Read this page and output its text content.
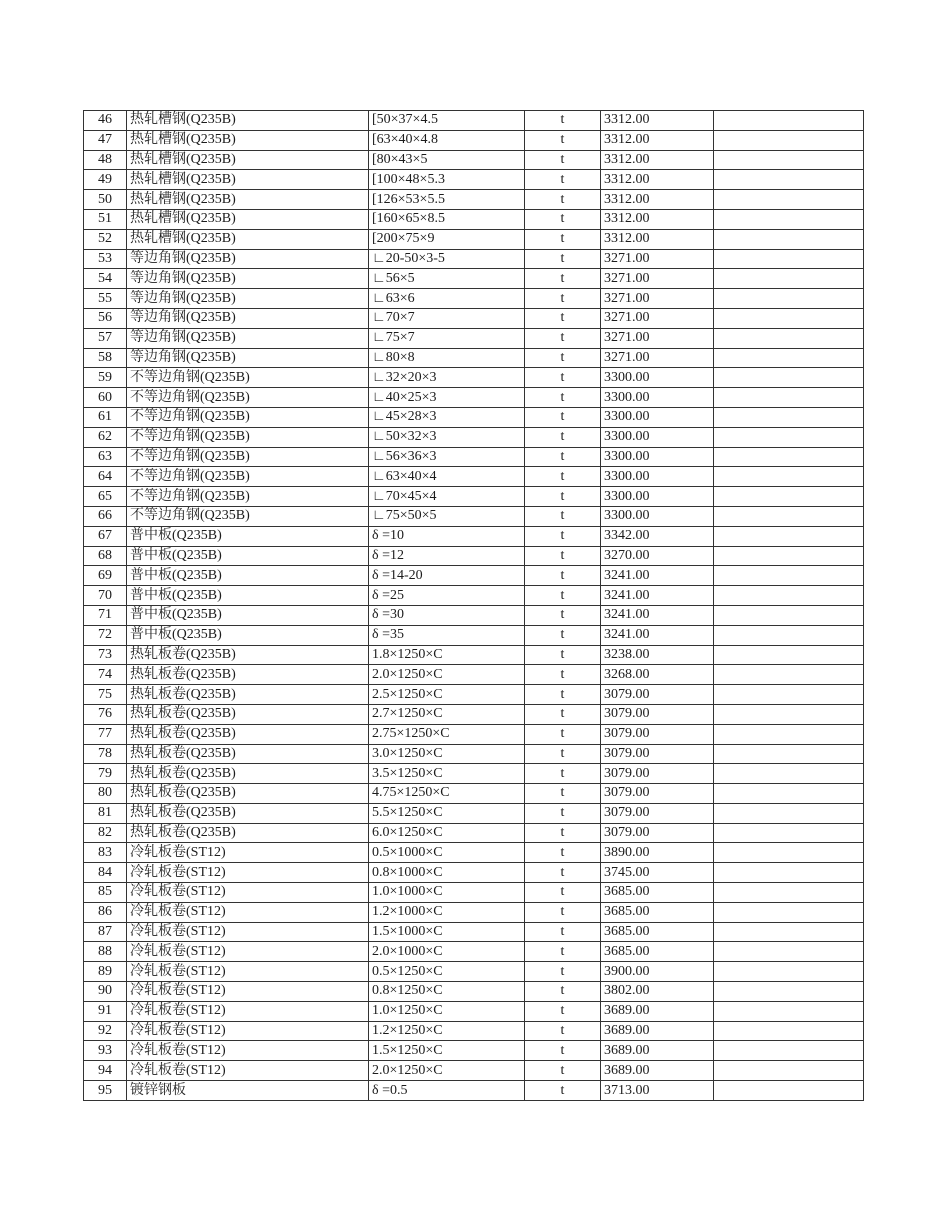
46	热轧槽钢(Q235B)	[50×37×4.5	t	3312.00	
47	热轧槽钢(Q235B)	[63×40×4.8	t	3312.00	
48	热轧槽钢(Q235B)	[80×43×5	t	3312.00	
49	热轧槽钢(Q235B)	[100×48×5.3	t	3312.00	
50	热轧槽钢(Q235B)	[126×53×5.5	t	3312.00	
51	热轧槽钢(Q235B)	[160×65×8.5	t	3312.00	
52	热轧槽钢(Q235B)	[200×75×9	t	3312.00	
53	等边角钢(Q235B)	∟20-50×3-5	t	3271.00	
54	等边角钢(Q235B)	∟56×5	t	3271.00	
55	等边角钢(Q235B)	∟63×6	t	3271.00	
56	等边角钢(Q235B)	∟70×7	t	3271.00	
57	等边角钢(Q235B)	∟75×7	t	3271.00	
58	等边角钢(Q235B)	∟80×8	t	3271.00	
59	不等边角钢(Q235B)	∟32×20×3	t	3300.00	
60	不等边角钢(Q235B)	∟40×25×3	t	3300.00	
61	不等边角钢(Q235B)	∟45×28×3	t	3300.00	
62	不等边角钢(Q235B)	∟50×32×3	t	3300.00	
63	不等边角钢(Q235B)	∟56×36×3	t	3300.00	
64	不等边角钢(Q235B)	∟63×40×4	t	3300.00	
65	不等边角钢(Q235B)	∟70×45×4	t	3300.00	
66	不等边角钢(Q235B)	∟75×50×5	t	3300.00	
67	普中板(Q235B)	δ =10	t	3342.00	
68	普中板(Q235B)	δ =12	t	3270.00	
69	普中板(Q235B)	δ =14-20	t	3241.00	
70	普中板(Q235B)	δ =25	t	3241.00	
71	普中板(Q235B)	δ =30	t	3241.00	
72	普中板(Q235B)	δ =35	t	3241.00	
73	热轧板卷(Q235B)	1.8×1250×C	t	3238.00	
74	热轧板卷(Q235B)	2.0×1250×C	t	3268.00	
75	热轧板卷(Q235B)	2.5×1250×C	t	3079.00	
76	热轧板卷(Q235B)	2.7×1250×C	t	3079.00	
77	热轧板卷(Q235B)	2.75×1250×C	t	3079.00	
78	热轧板卷(Q235B)	3.0×1250×C	t	3079.00	
79	热轧板卷(Q235B)	3.5×1250×C	t	3079.00	
80	热轧板卷(Q235B)	4.75×1250×C	t	3079.00	
81	热轧板卷(Q235B)	5.5×1250×C	t	3079.00	
82	热轧板卷(Q235B)	6.0×1250×C	t	3079.00	
83	冷轧板卷(ST12)	0.5×1000×C	t	3890.00	
84	冷轧板卷(ST12)	0.8×1000×C	t	3745.00	
85	冷轧板卷(ST12)	1.0×1000×C	t	3685.00	
86	冷轧板卷(ST12)	1.2×1000×C	t	3685.00	
87	冷轧板卷(ST12)	1.5×1000×C	t	3685.00	
88	冷轧板卷(ST12)	2.0×1000×C	t	3685.00	
89	冷轧板卷(ST12)	0.5×1250×C	t	3900.00	
90	冷轧板卷(ST12)	0.8×1250×C	t	3802.00	
91	冷轧板卷(ST12)	1.0×1250×C	t	3689.00	
92	冷轧板卷(ST12)	1.2×1250×C	t	3689.00	
93	冷轧板卷(ST12)	1.5×1250×C	t	3689.00	
94	冷轧板卷(ST12)	2.0×1250×C	t	3689.00	
95	镀锌钢板	δ =0.5	t	3713.00	
